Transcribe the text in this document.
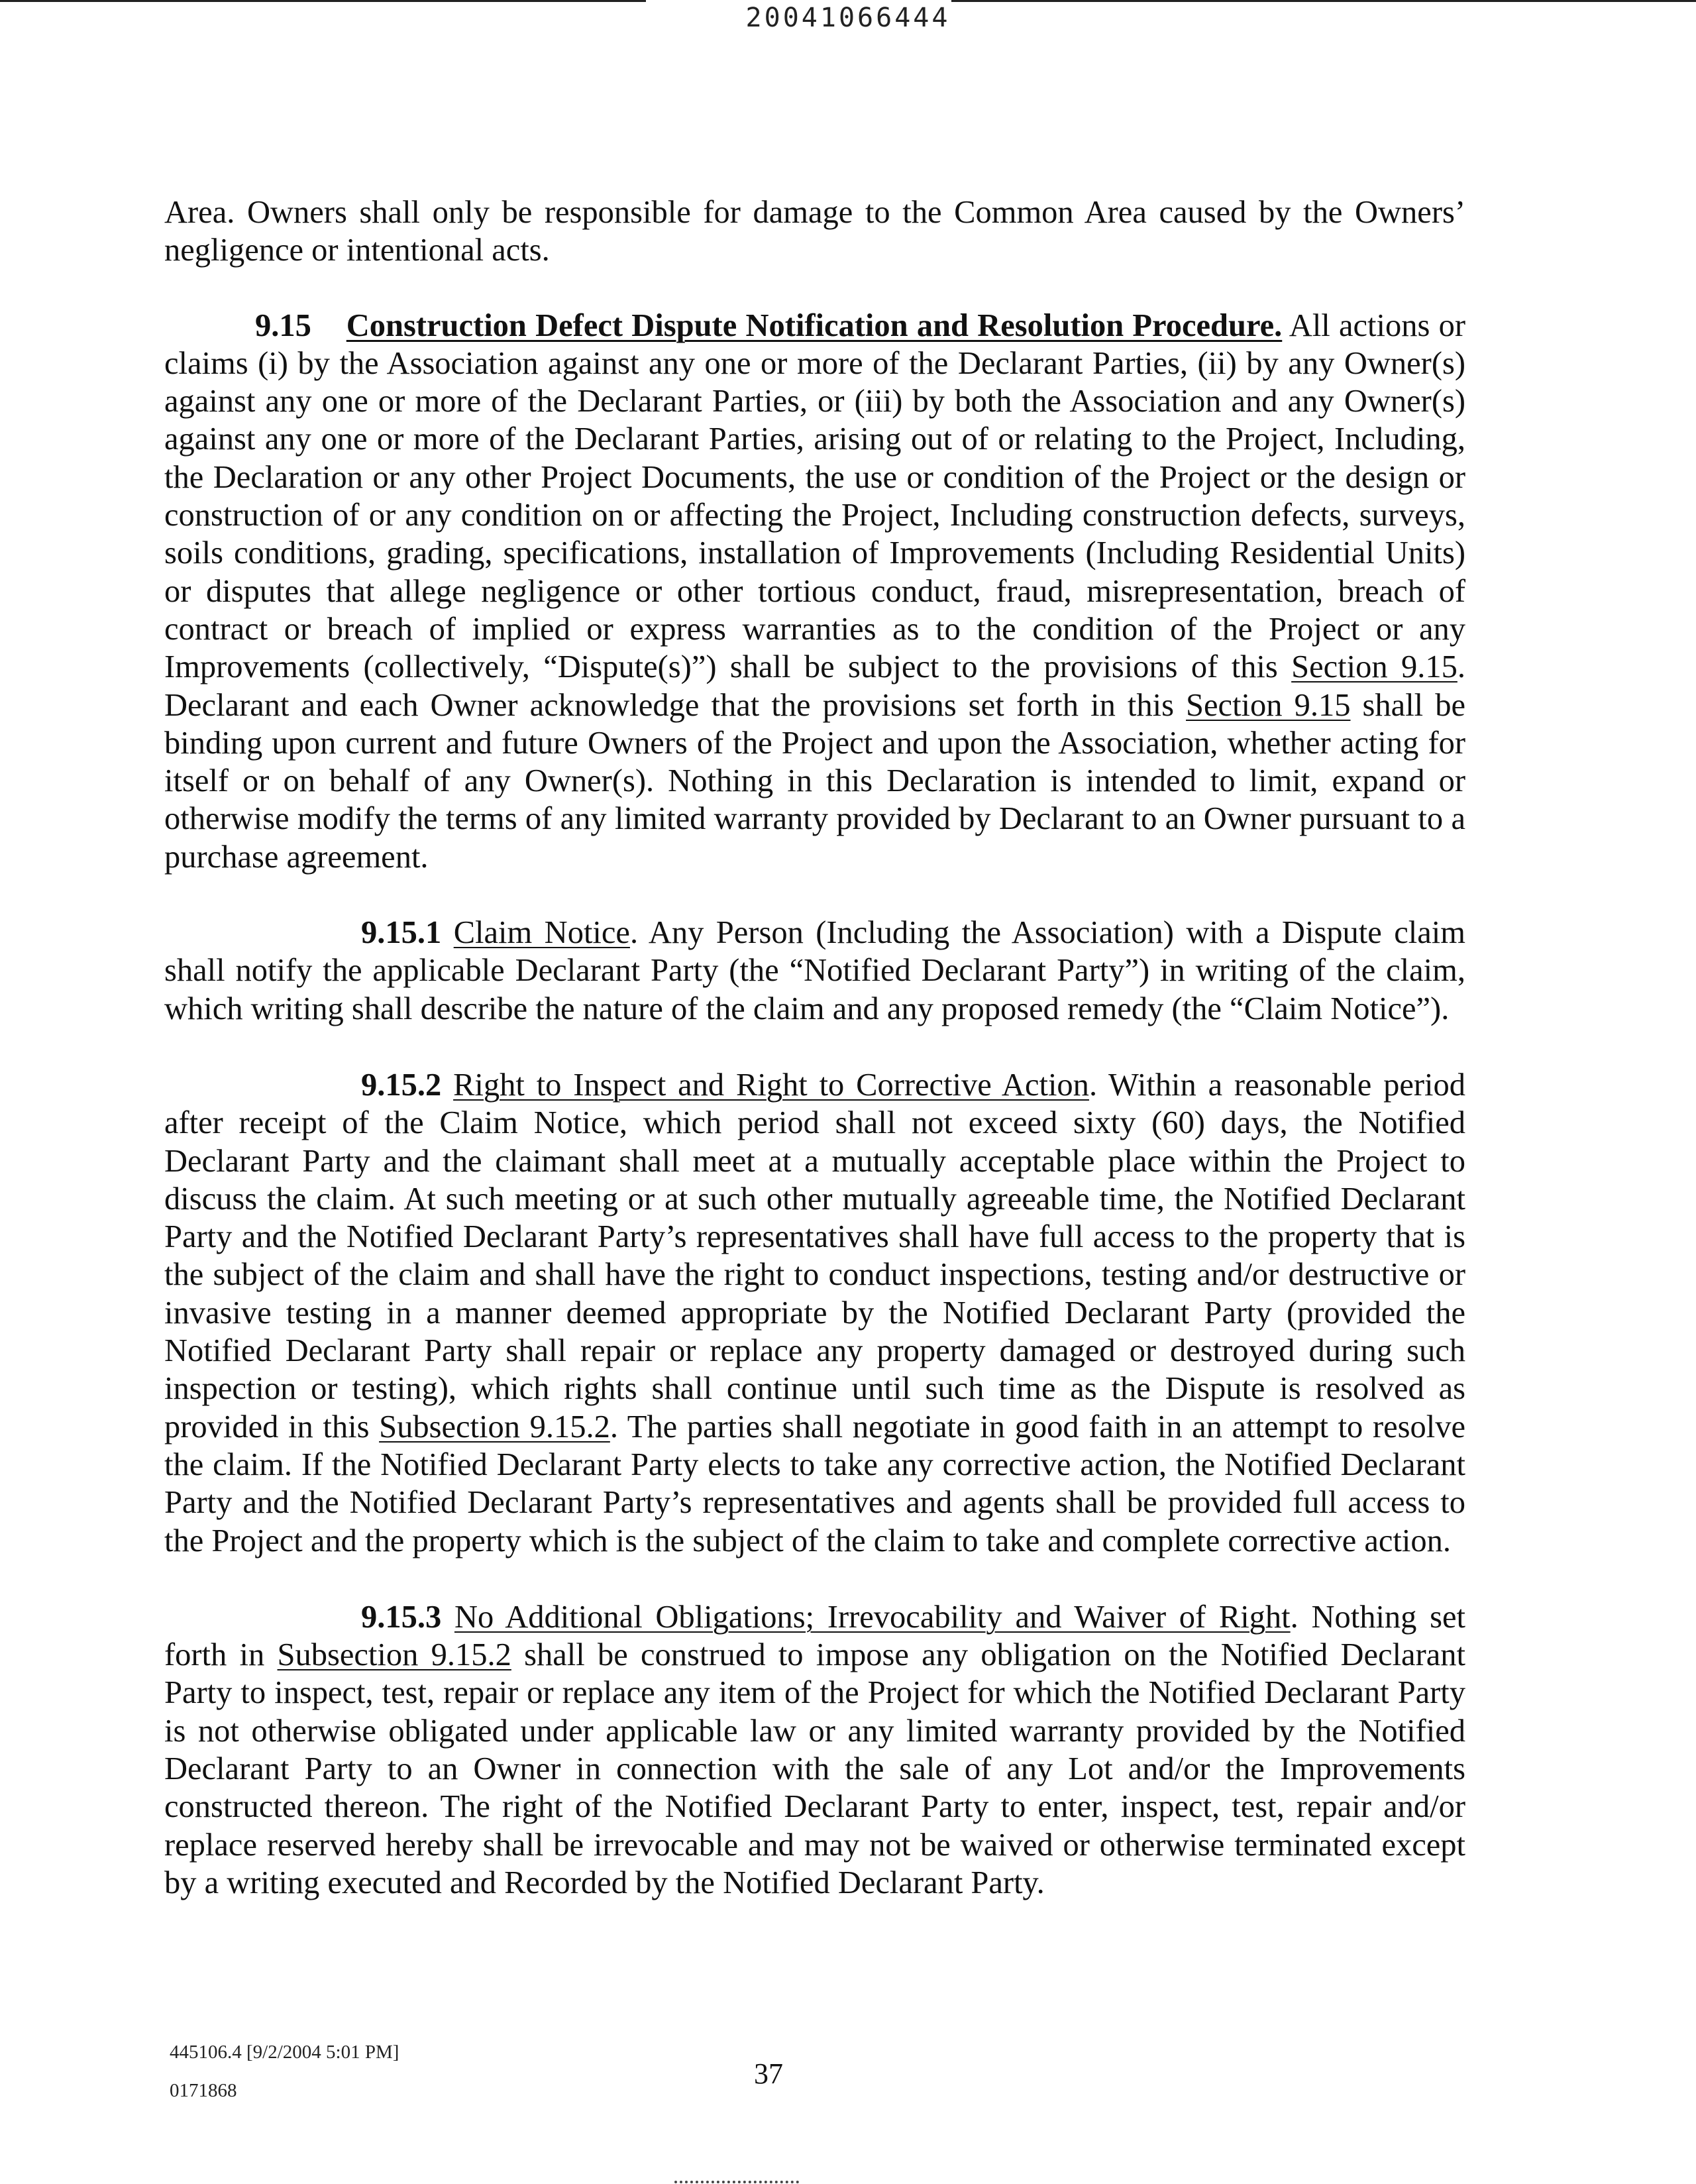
20041066444

Area. Owners shall only be responsible for damage to the Common Area caused by the Owners’ negligence or intentional acts.

9.15 Construction Defect Dispute Notification and Resolution Procedure. All actions or claims (i) by the Association against any one or more of the Declarant Parties, (ii) by any Owner(s) against any one or more of the Declarant Parties, or (iii) by both the Association and any Owner(s) against any one or more of the Declarant Parties, arising out of or relating to the Project, Including, the Declaration or any other Project Documents, the use or condition of the Project or the design or construction of or any condition on or affecting the Project, Including construction defects, surveys, soils conditions, grading, specifications, installation of Improvements (Including Residential Units) or disputes that allege negligence or other tortious conduct, fraud, misrepresentation, breach of contract or breach of implied or express warranties as to the condition of the Project or any Improvements (collectively, “Dispute(s)”) shall be subject to the provisions of this Section 9.15. Declarant and each Owner acknowledge that the provisions set forth in this Section 9.15 shall be binding upon current and future Owners of the Project and upon the Association, whether acting for itself or on behalf of any Owner(s). Nothing in this Declaration is intended to limit, expand or otherwise modify the terms of any limited warranty provided by Declarant to an Owner pursuant to a purchase agreement.

9.15.1 Claim Notice. Any Person (Including the Association) with a Dispute claim shall notify the applicable Declarant Party (the “Notified Declarant Party”) in writing of the claim, which writing shall describe the nature of the claim and any proposed remedy (the “Claim Notice”).

9.15.2 Right to Inspect and Right to Corrective Action. Within a reasonable period after receipt of the Claim Notice, which period shall not exceed sixty (60) days, the Notified Declarant Party and the claimant shall meet at a mutually acceptable place within the Project to discuss the claim. At such meeting or at such other mutually agreeable time, the Notified Declarant Party and the Notified Declarant Party’s representatives shall have full access to the property that is the subject of the claim and shall have the right to conduct inspections, testing and/or destructive or invasive testing in a manner deemed appropriate by the Notified Declarant Party (provided the Notified Declarant Party shall repair or replace any property damaged or destroyed during such inspection or testing), which rights shall continue until such time as the Dispute is resolved as provided in this Subsection 9.15.2. The parties shall negotiate in good faith in an attempt to resolve the claim. If the Notified Declarant Party elects to take any corrective action, the Notified Declarant Party and the Notified Declarant Party’s representatives and agents shall be provided full access to the Project and the property which is the subject of the claim to take and complete corrective action.

9.15.3 No Additional Obligations; Irrevocability and Waiver of Right. Nothing set forth in Subsection 9.15.2 shall be construed to impose any obligation on the Notified Declarant Party to inspect, test, repair or replace any item of the Project for which the Notified Declarant Party is not otherwise obligated under applicable law or any limited warranty provided by the Notified Declarant Party to an Owner in connection with the sale of any Lot and/or the Improvements constructed thereon. The right of the Notified Declarant Party to enter, inspect, test, repair and/or replace reserved hereby shall be irrevocable and may not be waived or otherwise terminated except by a writing executed and Recorded by the Notified Declarant Party.

445106.4 [9/2/2004 5:01 PM]
0171868
37
